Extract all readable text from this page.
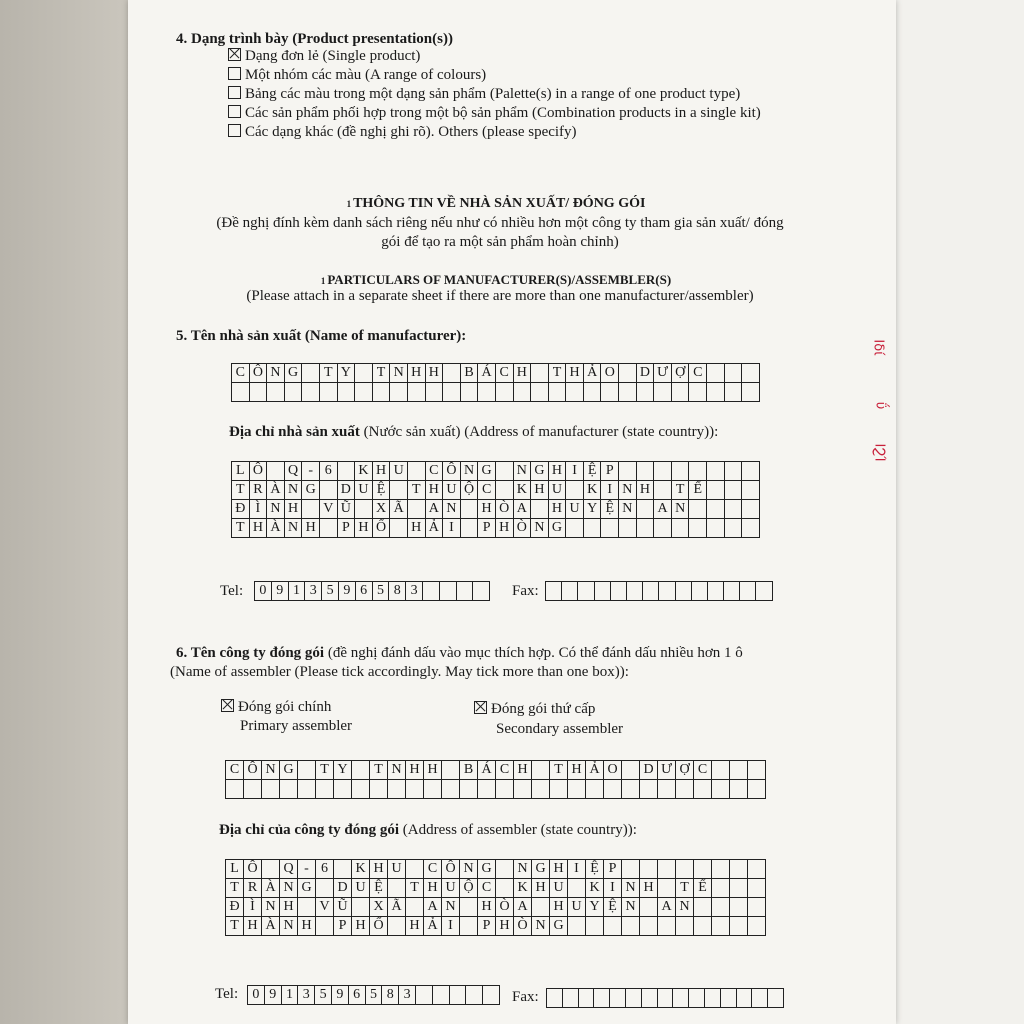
4. Dạng trình bày (Product presentation(s))
Dạng đơn lẻ (Single product)
Một nhóm các màu (A range of colours)
Bảng các màu trong một dạng sản phẩm (Palette(s) in a range of one product type)
Các sản phẩm phối hợp trong một bộ sản phẩm (Combination products in a single kit)
Các dạng khác (đề nghị ghi rõ). Others (please specify)
1 THÔNG TIN VỀ NHÀ SẢN XUẤT/ ĐÓNG GÓI
(Đề nghị đính kèm danh sách riêng nếu như có nhiều hơn một công ty tham gia sản xuất/ đóng
gói để tạo ra một sản phẩm hoàn chỉnh)
1 PARTICULARS OF MANUFACTURER(S)/ASSEMBLER(S)
(Please attach in a separate sheet if there are more than one manufacturer/assembler)
5. Tên nhà sản xuất (Name of manufacturer):
C	Ô	N	G		T	Y		T	N	H	H		B	Á	C	H		T	H	Ả	O		D	Ư	Ợ	C			

Địa chỉ nhà sản xuất (Nước sản xuất) (Address of manufacturer (state country)):
L	Ô		Q	-	6		K	H	U		C	Ô	N	G		N	G	H	I	Ệ	P								
T	R	À	N	G		D	U	Ệ		T	H	U	Ộ	C		K	H	U		K	I	N	H		T	Ế			
Đ	Ì	N	H		V	Ũ		X	Ã		A	N		H	Ò	A		H	U	Y	Ệ	N		A	N				
T	H	À	N	H		P	H	Ố		H	Ả	I		P	H	Ò	N	G											
Tel: 0	9	1	3	5	9	6	5	8	3					Fax:

6. Tên công ty đóng gói (đề nghị đánh dấu vào mục thích hợp. Có thể đánh dấu nhiều hơn 1 ô
(Name of assembler (Please tick accordingly. May tick more than one box)):
Đóng gói chính
Primary assembler
Đóng gói thứ cấp
Secondary assembler
C	Ô	N	G		T	Y		T	N	H	H		B	Á	C	H		T	H	Ả	O		D	Ư	Ợ	C			

Địa chỉ của công ty đóng gói (Address of assembler (state country)):
L	Ô		Q	-	6		K	H	U		C	Ô	N	G		N	G	H	I	Ệ	P								
T	R	À	N	G		D	U	Ệ		T	H	U	Ộ	C		K	H	U		K	I	N	H		T	Ế			
Đ	Ì	N	H		V	Ũ		X	Ã		A	N		H	Ò	A		H	U	Y	Ệ	N		A	N				
T	H	À	N	H		P	H	Ố		H	Ả	I		P	H	Ò	N	G											
Tel: 0	9	1	3	5	9	6	5	8	3						Fax:

Ιδί
ΰ
ΙϨΊ
